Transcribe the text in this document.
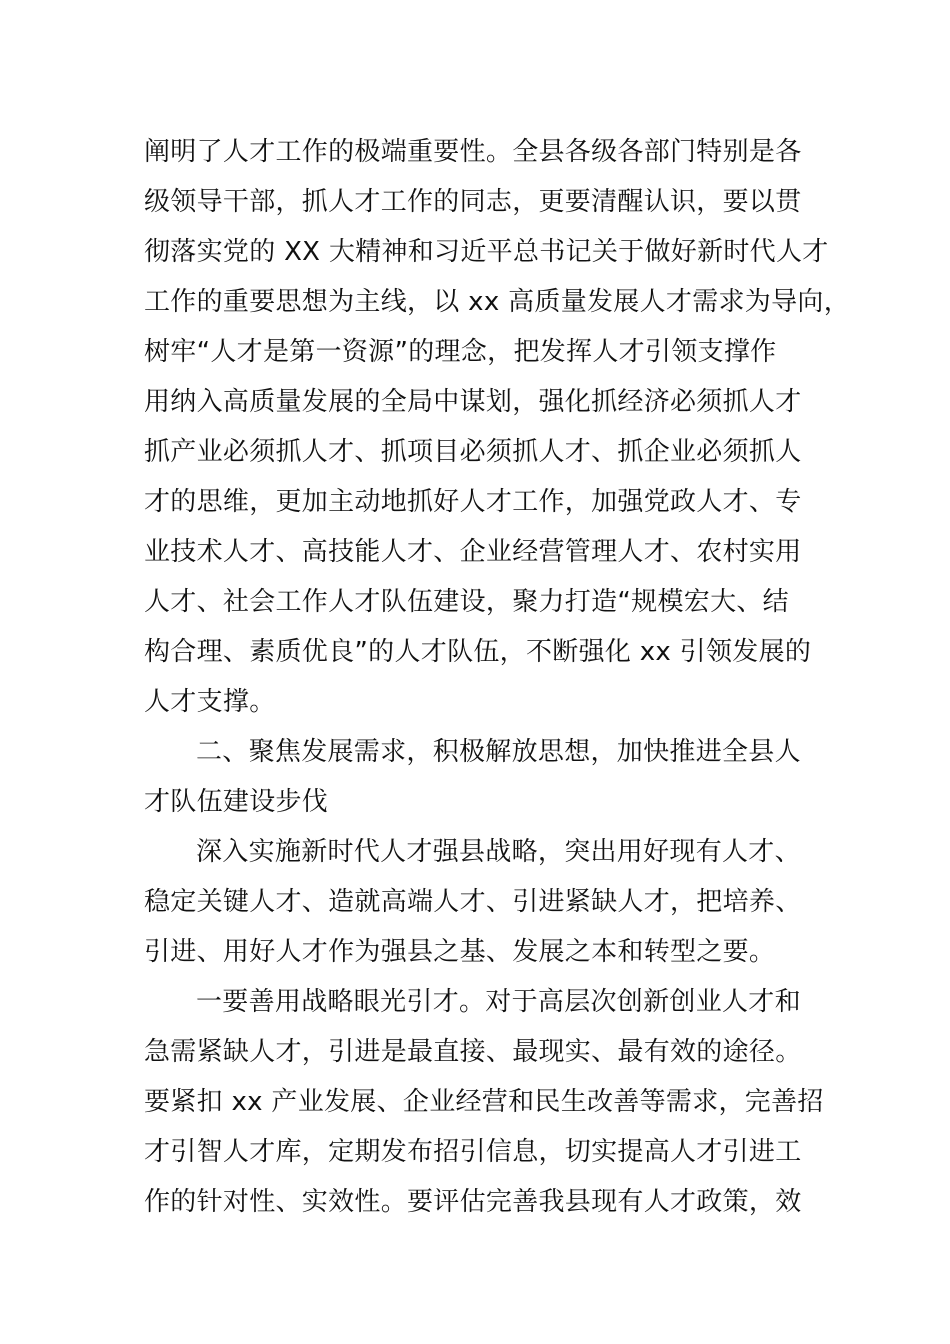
阐明了人才工作的极端重要性。全县各级各部门特别是各
级领导干部，抓人才工作的同志，更要清醒认识，要以贯
彻落实党的 XX 大精神和习近平总书记关于做好新时代人才
工作的重要思想为主线，以 xx 高质量发展人才需求为导向，
树牢“人才是第一资源”的理念，把发挥人才引领支撑作
用纳入高质量发展的全局中谋划，强化抓经济必须抓人才
抓产业必须抓人才、抓项目必须抓人才、抓企业必须抓人
才的思维，更加主动地抓好人才工作，加强党政人才、专
业技术人才、高技能人才、企业经营管理人才、农村实用
人才、社会工作人才队伍建设，聚力打造“规模宏大、结
构合理、素质优良”的人才队伍，不断强化 xx 引领发展的
人才支撑。
二、聚焦发展需求，积极解放思想，加快推进全县人
才队伍建设步伐
深入实施新时代人才强县战略，突出用好现有人才、
稳定关键人才、造就高端人才、引进紧缺人才，把培养、
引进、用好人才作为强县之基、发展之本和转型之要。
一要善用战略眼光引才。对于高层次创新创业人才和
急需紧缺人才，引进是最直接、最现实、最有效的途径。
要紧扣 xx 产业发展、企业经营和民生改善等需求，完善招
才引智人才库，定期发布招引信息，切实提高人才引进工
作的针对性、实效性。要评估完善我县现有人才政策，效
